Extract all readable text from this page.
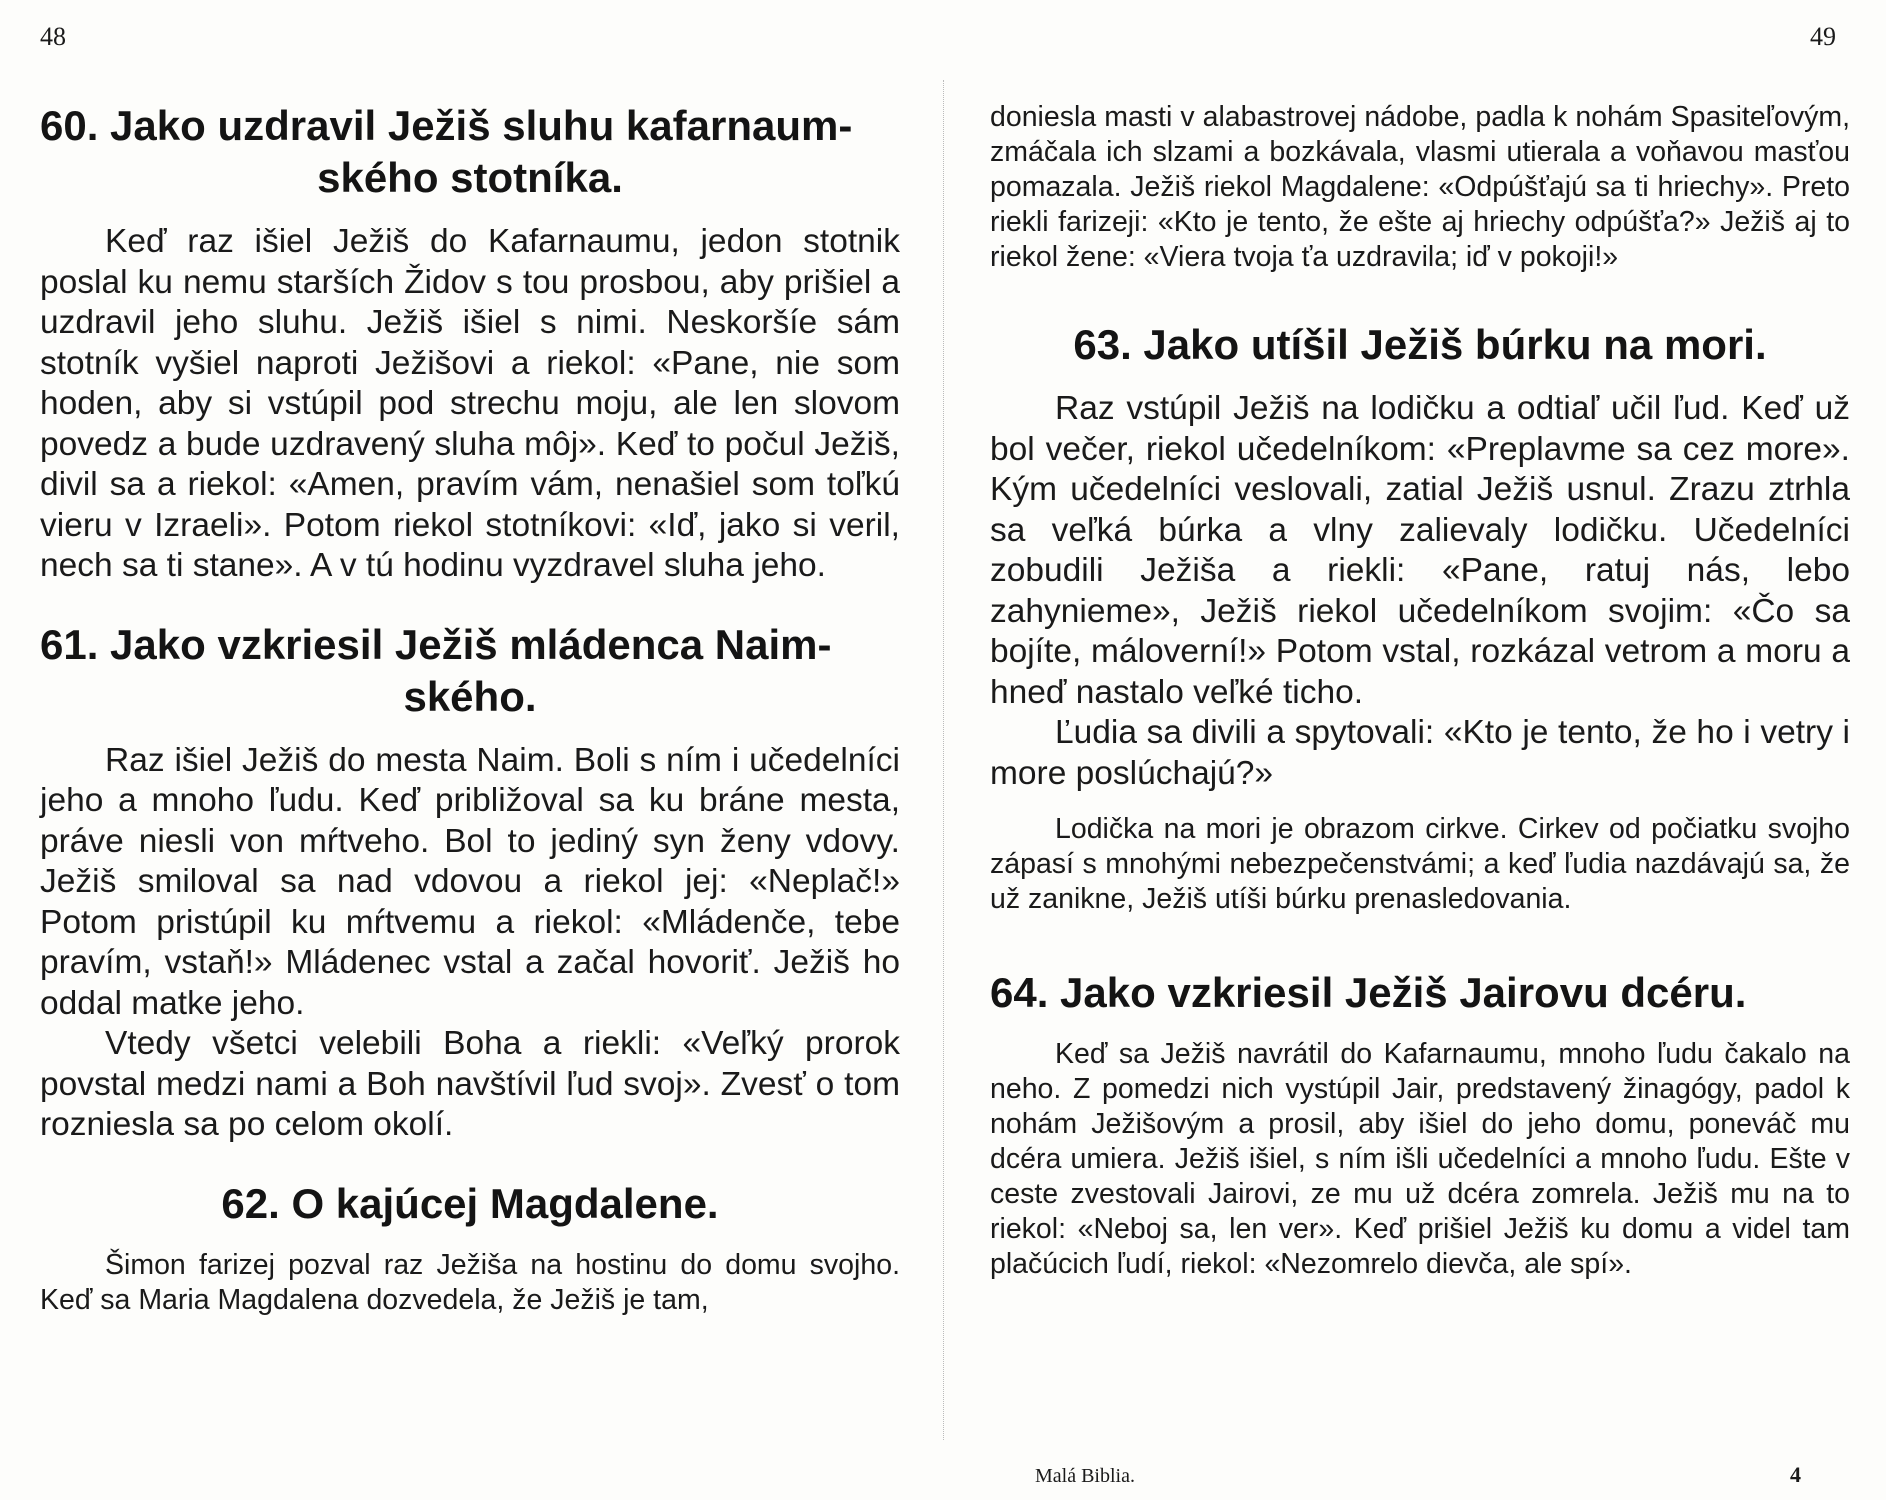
48	49
60. Jako uzdravil Ježiš sluhu kafarnaum-
ského stotníka.

Keď raz išiel Ježiš do Kafarnaumu, jedon stotnik poslal ku nemu starších Židov s tou prosbou, aby prišiel a uzdravil jeho sluhu. Ježiš išiel s nimi. Neskoršíe sám stotník vyšiel naproti Ježišovi a riekol: «Pane, nie som hoden, aby si vstúpil pod strechu moju, ale len slovom povedz a bude uzdravený sluha môj». Keď to počul Ježiš, divil sa a riekol: «Amen, pravím vám, nenašiel som toľkú vieru v Izraeli». Potom riekol stotníkovi: «Iď, jako si veril, nech sa ti stane». A v tú hodinu vyzdravel sluha jeho.

61. Jako vzkriesil Ježiš mládenca Naim-
ského.

Raz išiel Ježiš do mesta Naim. Boli s ním i učedelníci jeho a mnoho ľudu. Keď približoval sa ku bráne mesta, práve niesli von mŕtveho. Bol to jediný syn ženy vdovy. Ježiš smiloval sa nad vdovou a riekol jej: «Neplač!» Potom pristúpil ku mŕtvemu a riekol: «Mládenče, tebe pravím, vstaň!» Mládenec vstal a začal hovoriť. Ježiš ho oddal matke jeho.

Vtedy všetci velebili Boha a riekli: «Veľký prorok povstal medzi nami a Boh navštívil ľud svoj». Zvesť o tom rozniesla sa po celom okolí.

62. O kajúcej Magdalene.

Šimon farizej pozval raz Ježiša na hostinu do domu svojho. Keď sa Maria Magdalena dozvedela, že Ježiš je tam,

doniesla masti v alabastrovej nádobe, padla k nohám Spasiteľovým, zmáčala ich slzami a bozkávala, vlasmi utierala a voňavou masťou pomazala. Ježiš riekol Magdalene: «Odpúšťajú sa ti hriechy». Preto riekli farizeji: «Kto je tento, že ešte aj hriechy odpúšťa?» Ježiš aj to riekol žene: «Viera tvoja ťa uzdravila; iď v pokoji!»

63. Jako utíšil Ježiš búrku na mori.

Raz vstúpil Ježiš na lodičku a odtiaľ učil ľud. Keď už bol večer, riekol učedelníkom: «Preplavme sa cez more». Kým učedelníci veslovali, zatial Ježiš usnul. Zrazu ztrhla sa veľká búrka a vlny zalievaly lodičku. Učedelníci zobudili Ježiša a riekli: «Pane, ratuj nás, lebo zahynieme», Ježiš riekol učedelníkom svojim: «Čo sa bojíte, máloverní!» Potom vstal, rozkázal vetrom a moru a hneď nastalo veľké ticho.

Ľudia sa divili a spytovali: «Kto je tento, že ho i vetry i more poslúchajú?»

Lodička na mori je obrazom cirkve. Cirkev od počiatku svojho zápasí s mnohými nebezpečenstvámi; a keď ľudia nazdávajú sa, že už zanikne, Ježiš utíši búrku prenasledovania.

64. Jako vzkriesil Ježiš Jairovu dcéru.

Keď sa Ježiš navrátil do Kafarnaumu, mnoho ľudu čakalo na neho. Z pomedzi nich vystúpil Jair, predstavený žinagógy, padol k nohám Ježišovým a prosil, aby išiel do jeho domu, poneváč mu dcéra umiera. Ježiš išiel, s ním išli učedelníci a mnoho ľudu. Ešte v ceste zvestovali Jairovi, ze mu už dcéra zomrela. Ježiš mu na to riekol: «Neboj sa, len ver». Keď prišiel Ježiš ku domu a videl tam plačúcich ľudí, riekol: «Nezomrelo dievča, ale spí».

Malá Biblia.	4
